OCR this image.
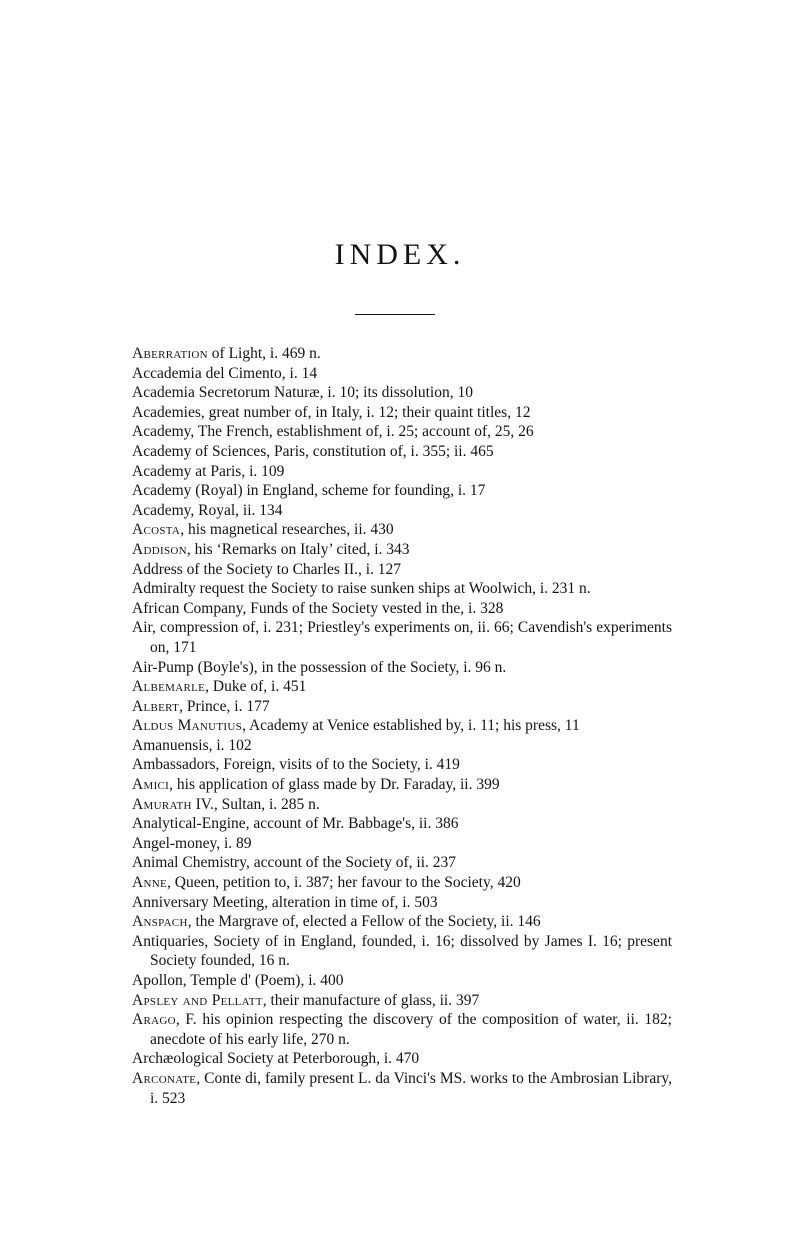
INDEX.

Aberration of Light, i. 469 n.

Accademia del Cimento, i. 14

Academia Secretorum Naturæ, i. 10; its dissolution, 10

Academies, great number of, in Italy, i. 12; their quaint titles, 12

Academy, The French, establishment of, i. 25; account of, 25, 26

Academy of Sciences, Paris, constitution of, i. 355; ii. 465

Academy at Paris, i. 109

Academy (Royal) in England, scheme for founding, i. 17

Academy, Royal, ii. 134

Acosta, his magnetical researches, ii. 430

Addison, his ‘Remarks on Italy’ cited, i. 343

Address of the Society to Charles II., i. 127

Admiralty request the Society to raise sunken ships at Woolwich, i. 231 n.

African Company, Funds of the Society vested in the, i. 328

Air, compression of, i. 231; Priestley's experiments on, ii. 66; Cavendish's experiments on, 171

Air-Pump (Boyle's), in the possession of the Society, i. 96 n.

Albemarle, Duke of, i. 451

Albert, Prince, i. 177

Aldus Manutius, Academy at Venice established by, i. 11; his press, 11

Amanuensis, i. 102

Ambassadors, Foreign, visits of to the Society, i. 419

Amici, his application of glass made by Dr. Faraday, ii. 399

Amurath IV., Sultan, i. 285 n.

Analytical-Engine, account of Mr. Babbage's, ii. 386

Angel-money, i. 89

Animal Chemistry, account of the Society of, ii. 237

Anne, Queen, petition to, i. 387; her favour to the Society, 420

Anniversary Meeting, alteration in time of, i. 503

Anspach, the Margrave of, elected a Fellow of the Society, ii. 146

Antiquaries, Society of in England, founded, i. 16; dissolved by James I. 16; present Society founded, 16 n.

Apollon, Temple d' (Poem), i. 400

Apsley and Pellatt, their manufacture of glass, ii. 397

Arago, F. his opinion respecting the discovery of the composition of water, ii. 182; anecdote of his early life, 270 n.

Archæological Society at Peterborough, i. 470

Arconate, Conte di, family present L. da Vinci's MS. works to the Ambrosian Library, i. 523
